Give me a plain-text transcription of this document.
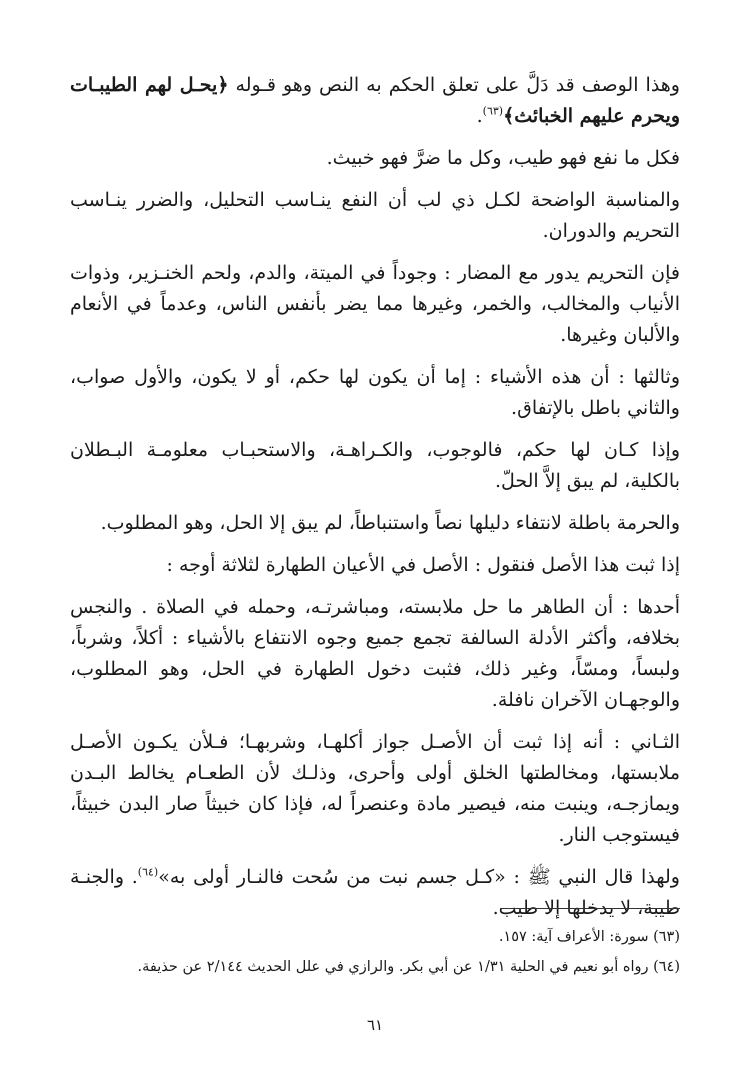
وهذا الوصف قد دَلَّ على تعلق الحكم به النص وهو قـوله ﴿يحـل لهم الطيبـات ويحرم عليهم الخبائث﴾$^{(٦٣)}$.

فكل ما نفع فهو طيب، وكل ما ضرَّ فهو خبيث.

والمناسبة الواضحة لكـل ذي لب أن النفع ينـاسب التحليل، والضرر ينـاسب التحريم والدوران.

فإن التحريم يدور مع المضار : وجوداً في الميتة، والدم، ولحم الخنـزير، وذوات الأنياب والمخالب، والخمر، وغيرها مما يضر بأنفس الناس، وعدماً في الأنعام والألبان وغيرها.

وثالثها : أن هذه الأشياء : إما أن يكون لها حكم، أو لا يكون، والأول صواب، والثاني باطل بالإتفاق.

وإذا كـان لها حكم، فالوجوب، والكـراهـة، والاستحبـاب معلومـة البـطلان بالكلية، لم يبق إلاَّ الحلّ.

والحرمة باطلة لانتفاء دليلها نصاً واستنباطاً، لم يبق إلا الحل، وهو المطلوب.

إذا ثبت هذا الأصل فنقول : الأصل في الأعيان الطهارة لثلاثة أوجه :

أحدها : أن الطاهر ما حل ملابسته، ومباشرتـه، وحمله في الصلاة . والنجس بخلافه، وأكثر الأدلة السالفة تجمع جميع وجوه الانتفاع بالأشياء : أكلاً، وشرباً، ولبساً، ومسّاً، وغير ذلك، فثبت دخول الطهارة في الحل، وهو المطلوب، والوجهـان الآخران نافلة.

الثـاني : أنه إذا ثبت أن الأصـل جواز أكلهـا، وشربهـا؛ فـلأن يكـون الأصـل ملابستها، ومخالطتها الخلق أولى وأحرى، وذلـك لأن الطعـام يخالط البـدن ويمازجـه، وينبت منه، فيصير مادة وعنصراً له، فإذا كان خبيثاً صار البدن خبيثاً، فيستوجب النار.

ولهذا قال النبي ﷺ : «كـل جسم نبت من سُحت فالنـار أولى به»$^{(٦٤)}$. والجنـة طيبة، لا يدخلها إلا طيب.

(٦٣) سورة: الأعراف آية: ١٥٧.

(٦٤) رواه أبو نعيم في الحلية ١/٣١ عن أبي بكر. والرازي في علل الحديث ٢/١٤٤ عن حذيفة.

٦١
